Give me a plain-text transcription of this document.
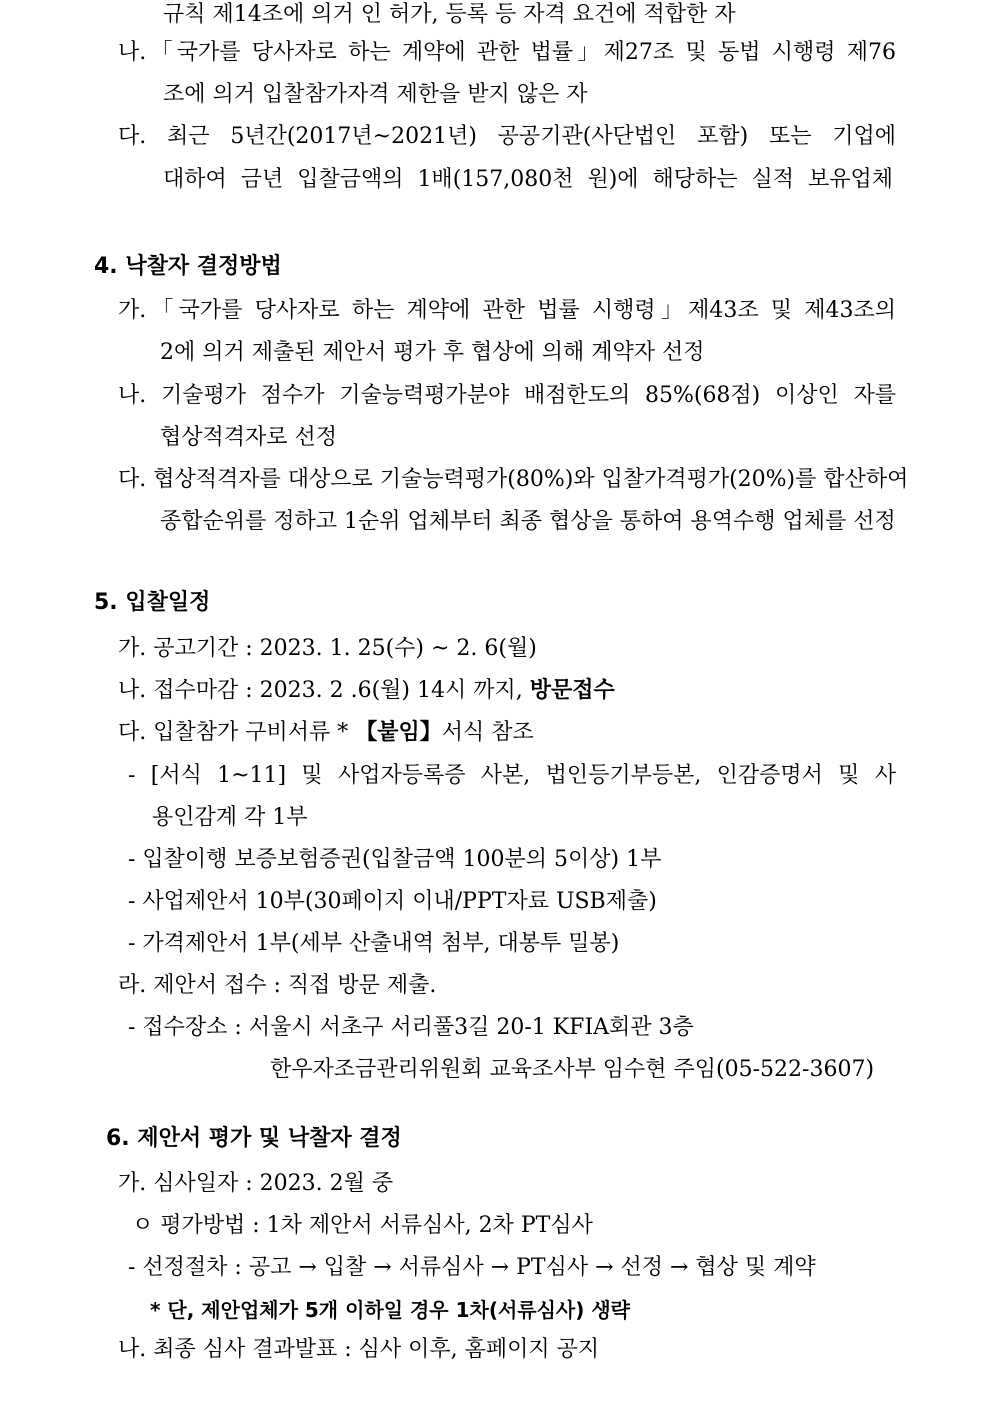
규칙 제14조에 의거 인 허가, 등록 등 자격 요건에 적합한 자
나.「국가를 당사자로 하는 계약에 관한 법률」제27조 및 동법 시행령 제76
조에 의거 입찰참가자격 제한을 받지 않은 자
다. 최근 5년간(2017년~2021년) 공공기관(사단법인 포함) 또는 기업에
대하여 금년 입찰금액의 1배(157,080천 원)에 해당하는 실적 보유업체
4. 낙찰자 결정방법
가.「국가를 당사자로 하는 계약에 관한 법률 시행령」제43조 및 제43조의
2에 의거 제출된 제안서 평가 후 협상에 의해 계약자 선정
나. 기술평가 점수가 기술능력평가분야 배점한도의 85%(68점) 이상인 자를
협상적격자로 선정
다. 협상적격자를 대상으로 기술능력평가(80%)와 입찰가격평가(20%)를 합산하여
종합순위를 정하고 1순위 업체부터 최종 협상을 통하여 용역수행 업체를 선정
5. 입찰일정
가. 공고기간 : 2023. 1. 25(수) ~ 2. 6(월)
나. 접수마감 : 2023. 2 .6(월) 14시 까지, 방문접수
다. 입찰참가 구비서류 * 【붙임】서식 참조
- [서식 1~11] 및 사업자등록증 사본, 법인등기부등본, 인감증명서 및 사
용인감계 각 1부
- 입찰이행 보증보험증권(입찰금액 100분의 5이상) 1부
- 사업제안서 10부(30페이지 이내/PPT자료 USB제출)
- 가격제안서 1부(세부 산출내역 첨부, 대봉투 밀봉)
라. 제안서 접수 : 직접 방문 제출.
- 접수장소 : 서울시 서초구 서리풀3길 20-1 KFIA회관 3층
한우자조금관리위원회 교육조사부 임수현 주임(05-522-3607)
6. 제안서 평가 및 낙찰자 결정
가. 심사일자 : 2023. 2월 중
ㅇ 평가방법 : 1차 제안서 서류심사, 2차 PT심사
- 선정절차 : 공고 → 입찰 → 서류심사 → PT심사 → 선정 → 협상 및 계약
* 단, 제안업체가 5개 이하일 경우 1차(서류심사) 생략
나. 최종 심사 결과발표 : 심사 이후, 홈페이지 공지
